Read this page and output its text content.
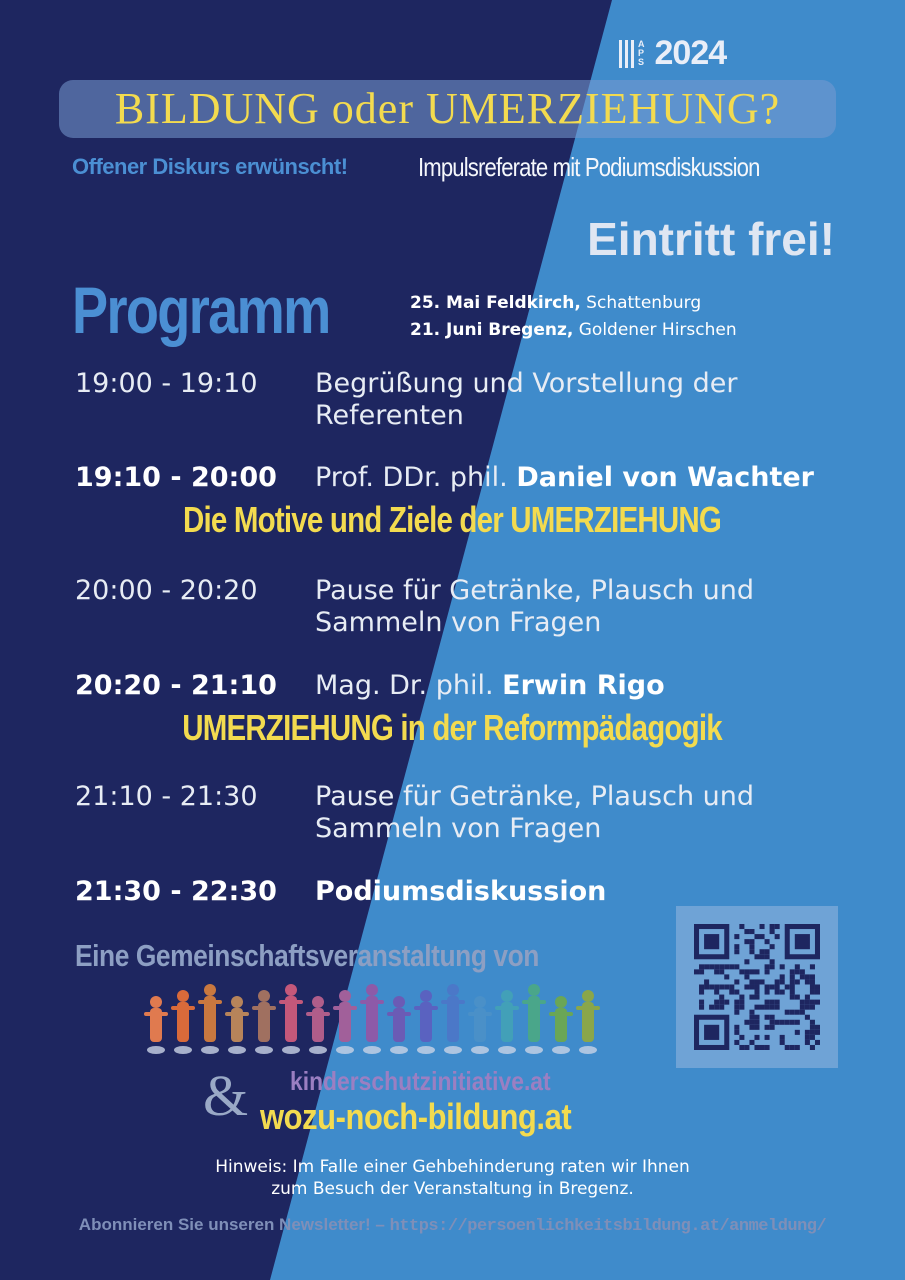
A
P
S 2024
BILDUNG oder UMERZIEHUNG?
Offener Diskurs erwünscht!	Impulsreferate mit Podiumsdiskussion
Eintritt frei!
Programm	25. Mai Feldkirch, Schattenburg
21. Juni Bregenz, Goldener Hirschen
19:00 - 19:10 Begrüßung und Vorstellung der
Referenten
19:10 - 20:00 Prof. DDr. phil. Daniel von Wachter
Die Motive und Ziele der UMERZIEHUNG
20:00 - 20:20 Pause für Getränke, Plausch und
Sammeln von Fragen
20:20 - 21:10 Mag. Dr. phil. Erwin Rigo
UMERZIEHUNG in der Reformpädagogik
21:10 - 21:30 Pause für Getränke, Plausch und
Sammeln von Fragen
21:30 - 22:30 Podiumsdiskussion
Eine Gemeinschaftsveranstaltung von
& kinderschutzinitiative.at
wozu-noch-bildung.at
Hinweis: Im Falle einer Gehbehinderung raten wir Ihnen
zum Besuch der Veranstaltung in Bregenz.
Abonnieren Sie unseren Newsletter! – https://persoenlichkeitsbildung.at/anmeldung/
